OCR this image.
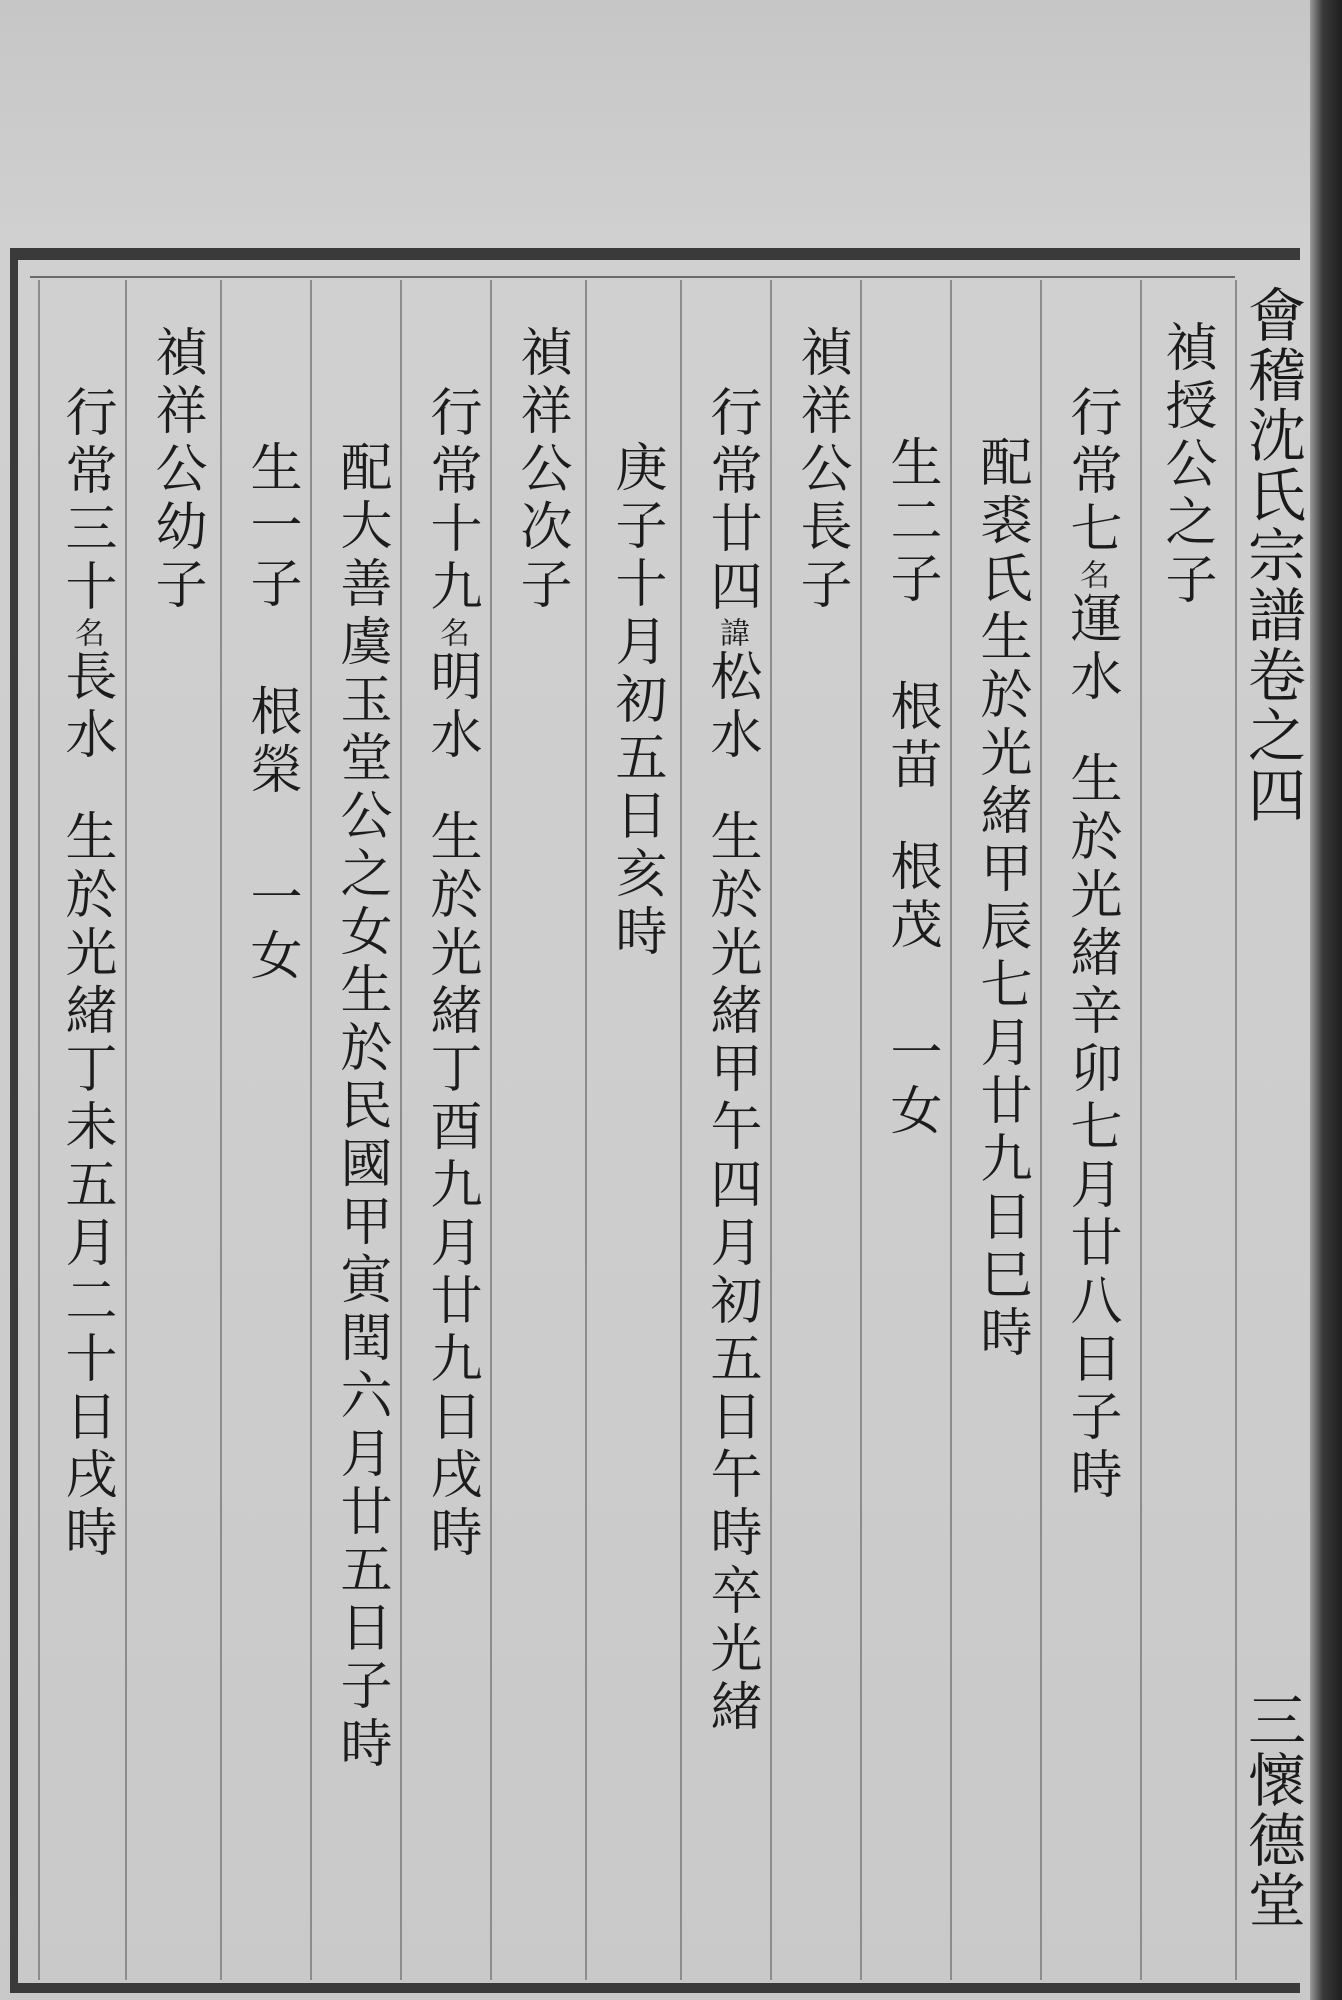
會稽沈氏宗譜卷之四
三懷德堂
禎授公之子
行常七名運水生於光緒辛卯七月廿八日子時
配裘氏生於光緒甲辰七月廿九日巳時
生二子根苗根茂一女
禎祥公長子
行常廿四諱松水生於光緒甲午四月初五日午時卒光緒
庚子十月初五日亥時
禎祥公次子
行常十九名明水生於光緒丁酉九月廿九日戌時
配大善虞玉堂公之女生於民國甲寅閏六月廿五日子時
生一子根榮一女
禎祥公幼子
行常三十名長水生於光緒丁未五月二十日戌時
